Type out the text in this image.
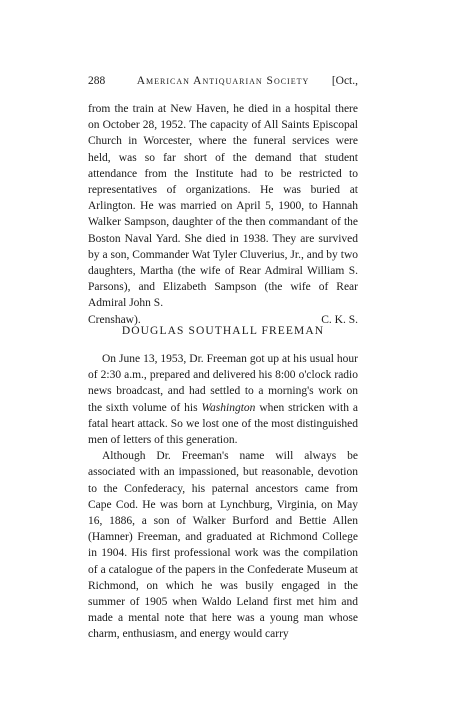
288	American Antiquarian Society	[Oct.,

from the train at New Haven, he died in a hospital there on October 28, 1952. The capacity of All Saints Episcopal Church in Worcester, where the funeral services were held, was so far short of the demand that student attendance from the Institute had to be restricted to representatives of organizations. He was buried at Arlington. He was married on April 5, 1900, to Hannah Walker Sampson, daughter of the then commandant of the Boston Naval Yard. She died in 1938. They are survived by a son, Commander Wat Tyler Cluverius, Jr., and by two daughters, Martha (the wife of Rear Admiral William S. Parsons), and Elizabeth Sampson (the wife of Rear Admiral John S.

Crenshaw).	C. K. S.
DOUGLAS SOUTHALL FREEMAN

On June 13, 1953, Dr. Freeman got up at his usual hour of 2:30 a.m., prepared and delivered his 8:00 o'clock radio news broadcast, and had settled to a morning's work on the sixth volume of his Washington when stricken with a fatal heart attack. So we lost one of the most distinguished men of letters of this generation.

Although Dr. Freeman's name will always be associated with an impassioned, but reasonable, devotion to the Confederacy, his paternal ancestors came from Cape Cod. He was born at Lynchburg, Virginia, on May 16, 1886, a son of Walker Burford and Bettie Allen (Hamner) Freeman, and graduated at Richmond College in 1904. His first professional work was the compilation of a catalogue of the papers in the Confederate Museum at Richmond, on which he was busily engaged in the summer of 1905 when Waldo Leland first met him and made a mental note that here was a young man whose charm, enthusiasm, and energy would carry
